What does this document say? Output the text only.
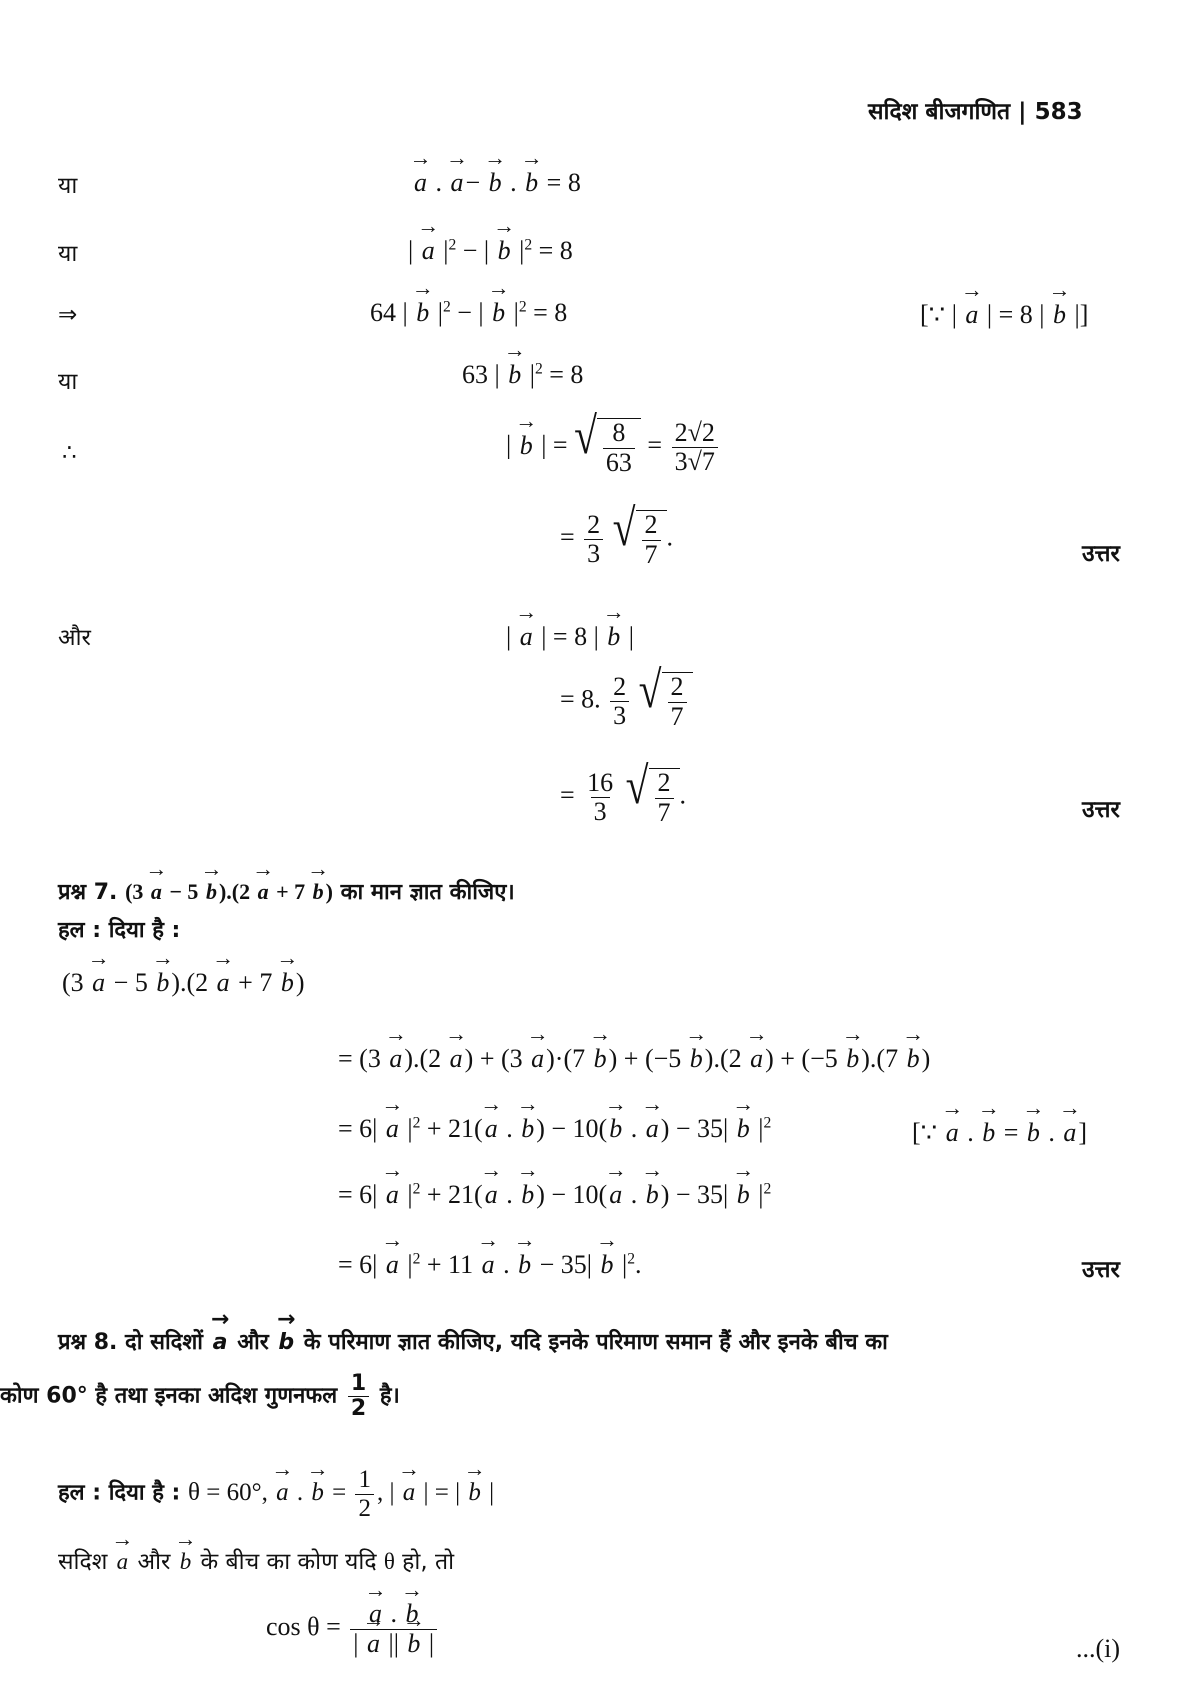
सदिश बीजगणित | 583
या	→ a . → a− → b . → b = 8
या	| → a $|^2$ − | → b $|^2 = 8$
⇒	64 | → b $|^2$ − | → b $|^2 = 8$	[∵ | → a | = 8 | → b |]
या	63 | → b $|^2 = 8$
∴	| → b | = √ $\frac{8}{63} = \frac{2√2}{3√7}$
= $\frac{2}{3}$
√ $\frac{2}{7}$ .
उत्तर
और	| → a | = 8 | → b |
= 8. $\frac{2}{3}$
√ $\frac{2}{7}$
= $\frac{16}{3}$
√ $\frac{2}{7}$ .
उत्तर
प्रश्न 7. (3 → a − 5 → b).(2 → a + 7 → b) का मान ज्ञात कीजिए।
हल : दिया है :
(3 → a − 5 → b).(2 → a + 7 → b)
= (3 → a).(2 → a) + (3 → a)·(7 → b) + (−5 → b).(2 → a) + (−5 → b).(7 → b)
= 6| → a $|^2 + 21(\to a$ . → b) − 10(→ b . → a) − 35| → b $|^2$	[∵ → a . → b = → b . → a]
= 6| → a $|^2 + 21(\to a$ . → b) − 10(→ a . → b) − 35| → b $|^2$
= 6| → a $|^2 + 11 \to a$ . → b − 35| → b $|^2$.	उत्तर
प्रश्न 8. दो सदिशों → a और → b के परिमाण ज्ञात कीजिए, यदि इनके परिमाण समान हैं और इनके बीच का
कोण 60° है तथा इनका अदिश गुणनफल $\frac{1}{2}$ है।
हल : दिया है : θ = 60°, → a . → $b = \frac{1}{2}$ , | → a | = | → b |
सदिश → a और → b के बीच का कोण यदि θ हो, तो
cos θ = → $\frac{a . \to b}{| \to a || \to b |}$	...(i)
